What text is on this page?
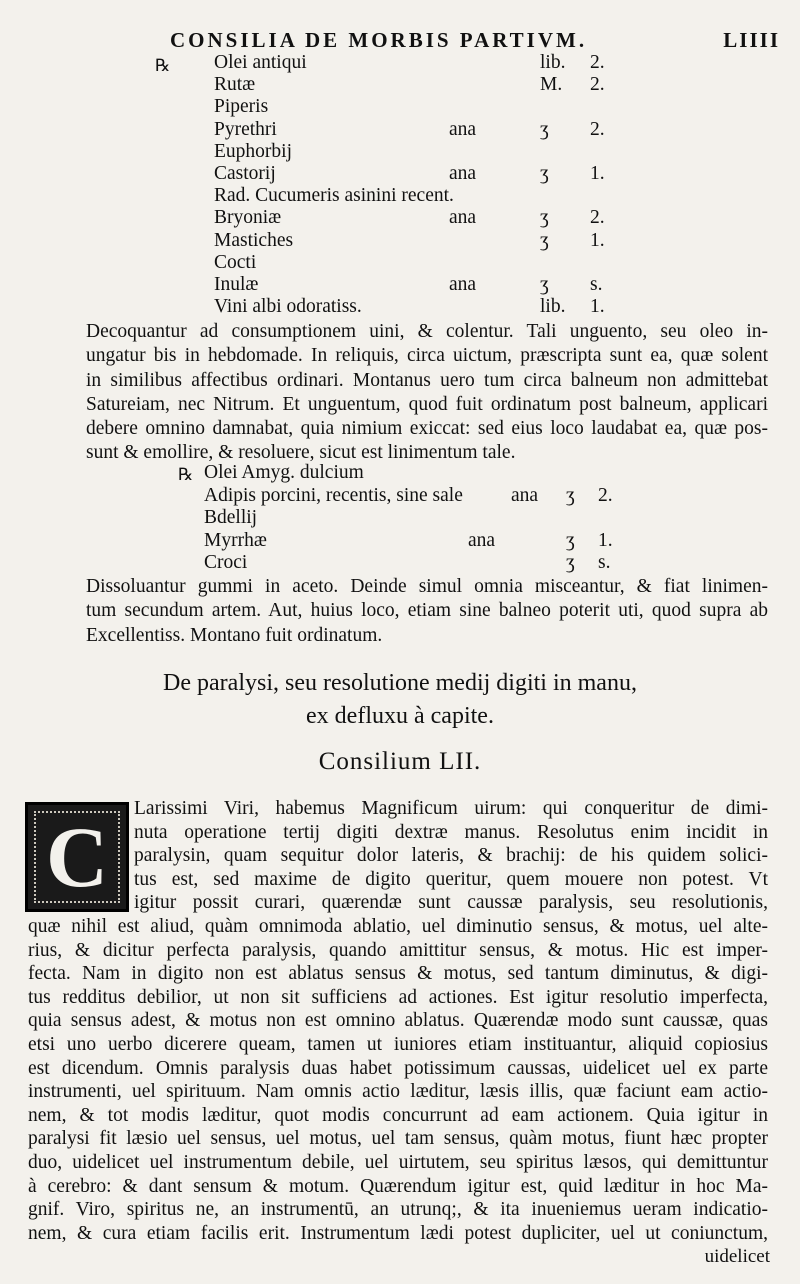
CONSILIA DE MORBIS PARTIVM.	LIIII
℞ Olei antiqui	lib. 2.
Rutæ	M. 2.
Piperis
Pyrethri	ana	ʒ 2.
Euphorbij
Castorij	ana	ʒ 1.
Rad. Cucumeris asinini recent.
Bryoniæ	ana	ʒ 2.
Mastiches	ʒ 1.
Cocti
Inulæ	ana	ʒ s.
Vini albi odoratiss.	lib. 1.
Decoquantur ad consumptionem uini, & colentur. Tali unguento, seu oleo in-
ungatur bis in hebdomade. In reliquis, circa uictum, præscripta sunt ea, quæ solent
in similibus affectibus ordinari. Montanus uero tum circa balneum non admittebat
Satureiam, nec Nitrum. Et unguentum, quod fuit ordinatum post balneum, applicari
debere omnino damnabat, quia nimium exiccat: sed eius loco laudabat ea, quæ pos-
sunt & emollire, & resoluere, sicut est linimentum tale.
℞ Olei Amyg. dulcium
Adipis porcini, recentis, sine sale ana ʒ 2.
Bdellij
Myrrhæ	ana	ʒ 1.
Croci	ʒ s.
Dissoluantur gummi in aceto. Deinde simul omnia misceantur, & fiat linimen-
tum secundum artem. Aut, huius loco, etiam sine balneo poterit uti, quod supra ab
Excellentiss. Montano fuit ordinatum.
De paralysi, seu resolutione medij digiti in manu,
ex defluxu à capite.
Consilium LII.
C
Larissimi Viri, habemus Magnificum uirum: qui conqueritur de dimi-
nuta operatione tertij digiti dextræ manus. Resolutus enim incidit in
paralysin, quam sequitur dolor lateris, & brachij: de his quidem solici-
tus est, sed maxime de digito queritur, quem mouere non potest. Vt
igitur possit curari, quærendæ sunt caussæ paralysis, seu resolutionis,
quæ nihil est aliud, quàm omnimoda ablatio, uel diminutio sensus, & motus, uel alte-
rius, & dicitur perfecta paralysis, quando amittitur sensus, & motus. Hic est imper-
fecta. Nam in digito non est ablatus sensus & motus, sed tantum diminutus, & digi-
tus redditus debilior, ut non sit sufficiens ad actiones. Est igitur resolutio imperfecta,
quia sensus adest, & motus non est omnino ablatus. Quærendæ modo sunt caussæ, quas
etsi uno uerbo dicerere queam, tamen ut iuniores etiam instituantur, aliquid copiosius
est dicendum. Omnis paralysis duas habet potissimum caussas, uidelicet uel ex parte
instrumenti, uel spirituum. Nam omnis actio læditur, læsis illis, quæ faciunt eam actio-
nem, & tot modis læditur, quot modis concurrunt ad eam actionem. Quia igitur in
paralysi fit læsio uel sensus, uel motus, uel tam sensus, quàm motus, fiunt hæc propter
duo, uidelicet uel instrumentum debile, uel uirtutem, seu spiritus læsos, qui demittuntur
à cerebro: & dant sensum & motum. Quærendum igitur est, quid læditur in hoc Ma-
gnif. Viro, spiritus ne, an instrumentū, an utrunq;, & ita inueniemus ueram indicatio-
nem, & cura etiam facilis erit. Instrumentum lædi potest dupliciter, uel ut coniunctum,
uidelicet
